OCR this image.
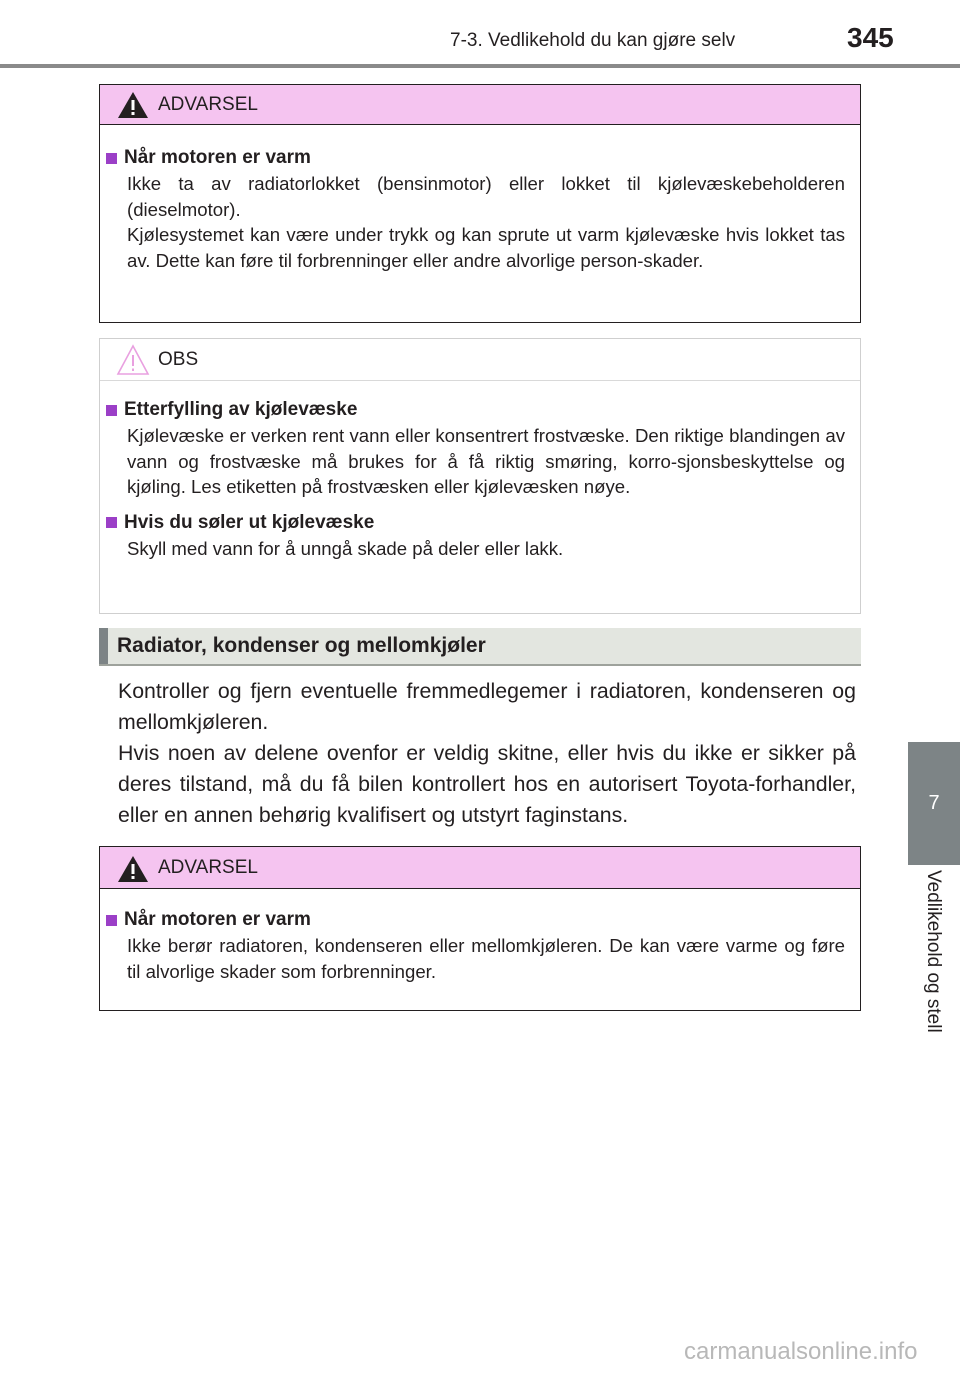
7-3. Vedlikehold du kan gjøre selv	345
7
Vedlikehold og stell
ADVARSEL
Når motoren er varm

Ikke ta av radiatorlokket (bensinmotor) eller lokket til kjølevæskebeholderen (dieselmotor).

Kjølesystemet kan være under trykk og kan sprute ut varm kjølevæske hvis lokket tas av. Dette kan føre til forbrenninger eller andre alvorlige person-skader.

OBS
Etterfylling av kjølevæske

Kjølevæske er verken rent vann eller konsentrert frostvæske. Den riktige blandingen av vann og frostvæske må brukes for å få riktig smøring, korro-sjonsbeskyttelse og kjøling. Les etiketten på frostvæsken eller kjølevæsken nøye.

Hvis du søler ut kjølevæske

Skyll med vann for å unngå skade på deler eller lakk.

Radiator, kondenser og mellomkjøler

Kontroller og fjern eventuelle fremmedlegemer i radiatoren, kondenseren og mellomkjøleren.

Hvis noen av delene ovenfor er veldig skitne, eller hvis du ikke er sikker på deres tilstand, må du få bilen kontrollert hos en autorisert Toyota-forhandler, eller en annen behørig kvalifisert og utstyrt faginstans.

ADVARSEL
Når motoren er varm

Ikke berør radiatoren, kondenseren eller mellomkjøleren. De kan være varme og føre til alvorlige skader som forbrenninger.

carmanualsonline.info
